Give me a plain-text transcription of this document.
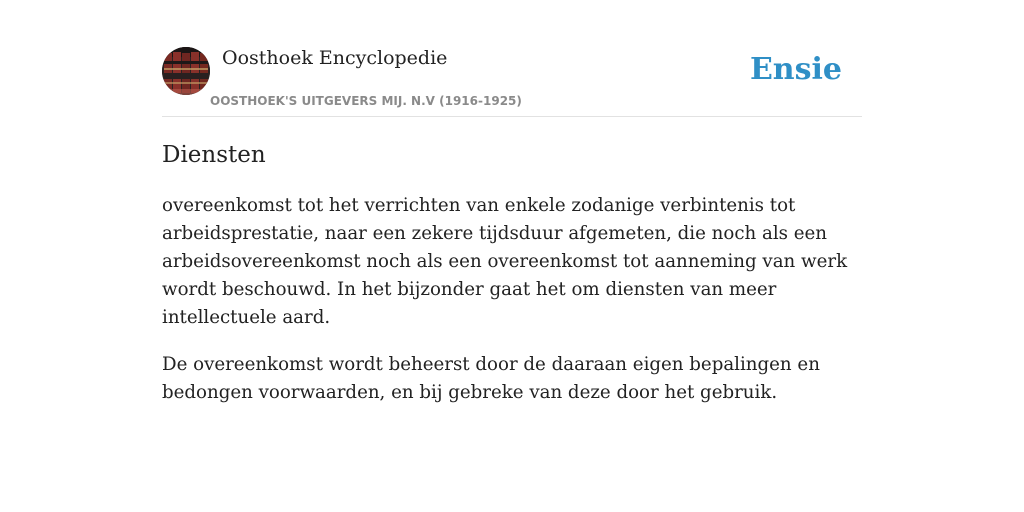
Oosthoek Encyclopedie
OOSTHOEK'S UITGEVERS MIJ. N.V (1916-1925)
Ensie
Diensten

overeenkomst tot het verrichten van enkele zodanige verbintenis tot arbeidsprestatie, naar een zekere tijdsduur afgemeten, die noch als een arbeidsovereenkomst noch als een overeenkomst tot aanneming van werk wordt beschouwd. In het bijzonder gaat het om diensten van meer intellectuele aard.

De overeenkomst wordt beheerst door de daaraan eigen bepalingen en bedongen voorwaarden, en bij gebreke van deze door het gebruik.
